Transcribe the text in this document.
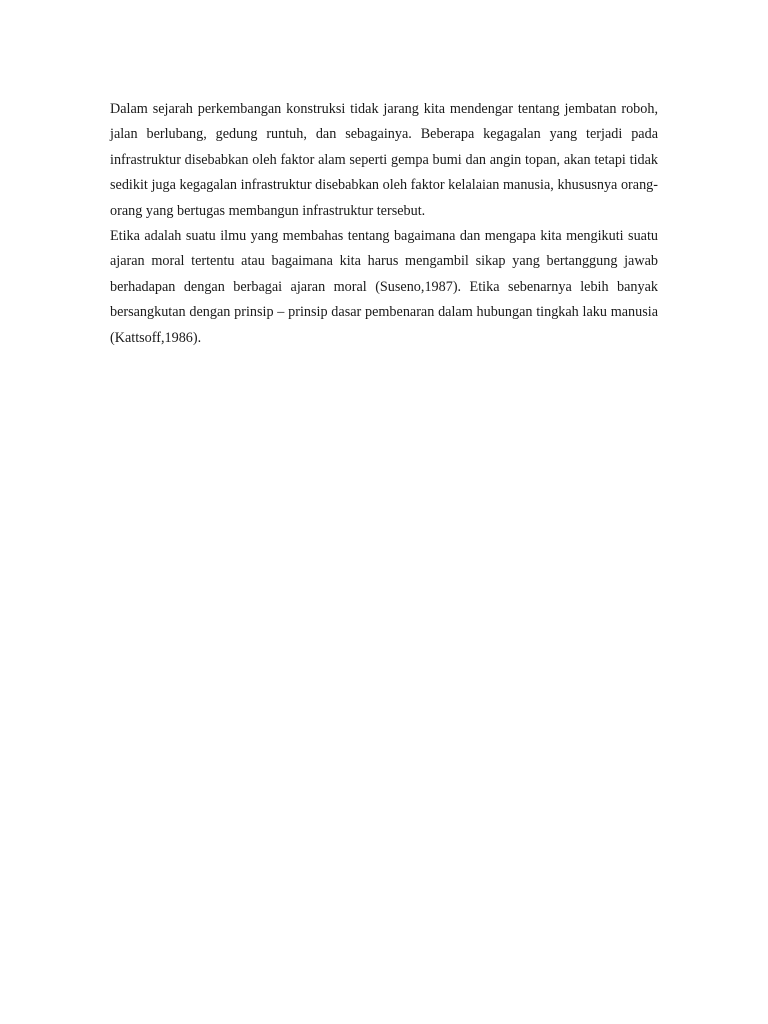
Dalam sejarah perkembangan konstruksi tidak jarang kita mendengar tentang jembatan roboh, jalan berlubang, gedung runtuh, dan sebagainya. Beberapa kegagalan yang terjadi pada infrastruktur disebabkan oleh faktor alam seperti gempa bumi dan angin topan, akan tetapi tidak sedikit juga kegagalan infrastruktur disebabkan oleh faktor kelalaian manusia, khususnya orang-orang yang bertugas membangun infrastruktur tersebut.

Etika adalah suatu ilmu yang membahas tentang bagaimana dan mengapa kita mengikuti suatu ajaran moral tertentu atau bagaimana kita harus mengambil sikap yang bertanggung jawab berhadapan dengan berbagai ajaran moral (Suseno,1987). Etika sebenarnya lebih banyak bersangkutan dengan prinsip – prinsip dasar pembenaran dalam hubungan tingkah laku manusia (Kattsoff,1986).
